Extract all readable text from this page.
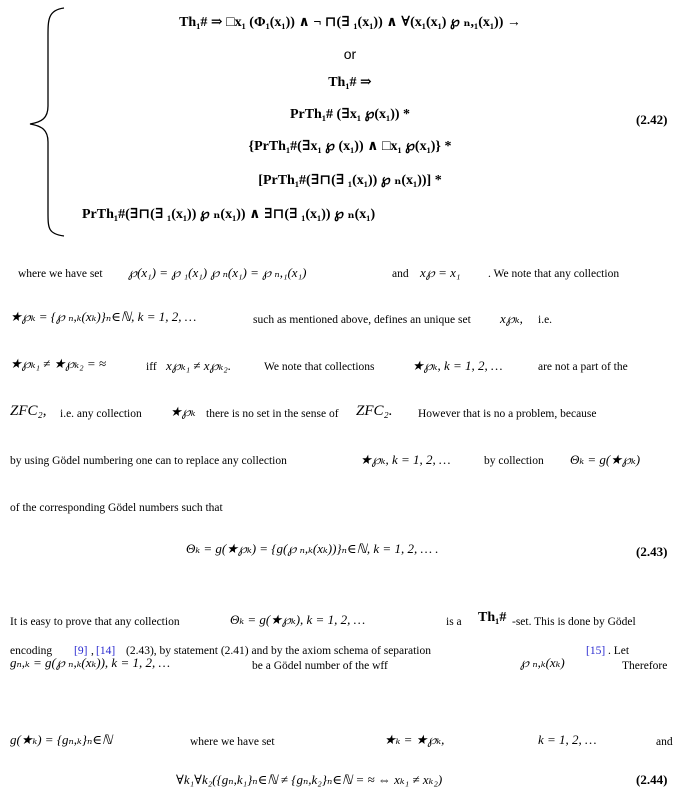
Th₁# ⇒ □x₁ (Φ₁(x₁)) ∧ ¬ ⊓(∃ ₁(x₁)) ∧ ∀(x₁(x₁) ℘ ₙ,₁(x₁)) →
or
Th₁# ⇒
PrTh₁# (∃x₁ ℘(x₁)) *
{PrTh₁#(∃x₁ ℘ (x₁)) ∧ □x₁ ℘(x₁)} *
[PrTh₁#(∃⊓(∃ ₁(x₁)) ℘ ₙ(x₁))] *
PrTh₁#(∃⊓(∃ ₁(x₁)) ℘ ₙ(x₁)) ∧ ∃⊓(∃ ₁(x₁)) ℘ ₙ(x₁)
(2.42)
where we have set ℘(x₁) = ℘ ₁(x₁) ℘ ₙ(x₁) = ℘ ₙ,₁(x₁)	and x℘ = x₁ . We note that any collection
★℘ₖ = {℘ ₙ,ₖ(xₖ)}ₙ∈ℕ, k = 1, 2, …	such as mentioned above, defines an unique set x℘ₖ, i.e.
★℘ₖ₁ ≠ ★℘ₖ₂ = ≈	iff x℘ₖ₁ ≠ x℘ₖ₂.	We note that collections	★℘ₖ, k = 1, 2, …	are not a part of the
ZFC₂, i.e. any collection ★℘ₖ there is no set in the sense of ZFC₂. However that is no a problem, because
by using Gödel numbering one can to replace any collection	★℘ₖ, k = 1, 2, …	by collection Θₖ = g(★℘ₖ)
of the corresponding Gödel numbers such that
Θₖ = g(★℘ₖ) = {g(℘ ₙ,ₖ(xₖ))}ₙ∈ℕ, k = 1, 2, … .	(2.43)
It is easy to prove that any collection	Θₖ = g(★℘ₖ), k = 1, 2, …	is a Th₁# -set. This is done by Gödel
encoding [9] , [14] (2.43), by statement (2.41) and by the axiom schema of separation	[15] . Let
gₙ,ₖ = g(℘ ₙ,ₖ(xₖ)), k = 1, 2, …	be a Gödel number of the wff	℘ ₙ,ₖ(xₖ)	Therefore
g(★ₖ) = {gₙ,ₖ}ₙ∈ℕ	where we have set	★ₖ = ★℘ₖ,	k = 1, 2, …	and
∀k₁∀k₂({gₙ,k₁}ₙ∈ℕ ≠ {gₙ,k₂}ₙ∈ℕ = ≈ ⇔ xₖ₁ ≠ xₖ₂)	(2.44)
